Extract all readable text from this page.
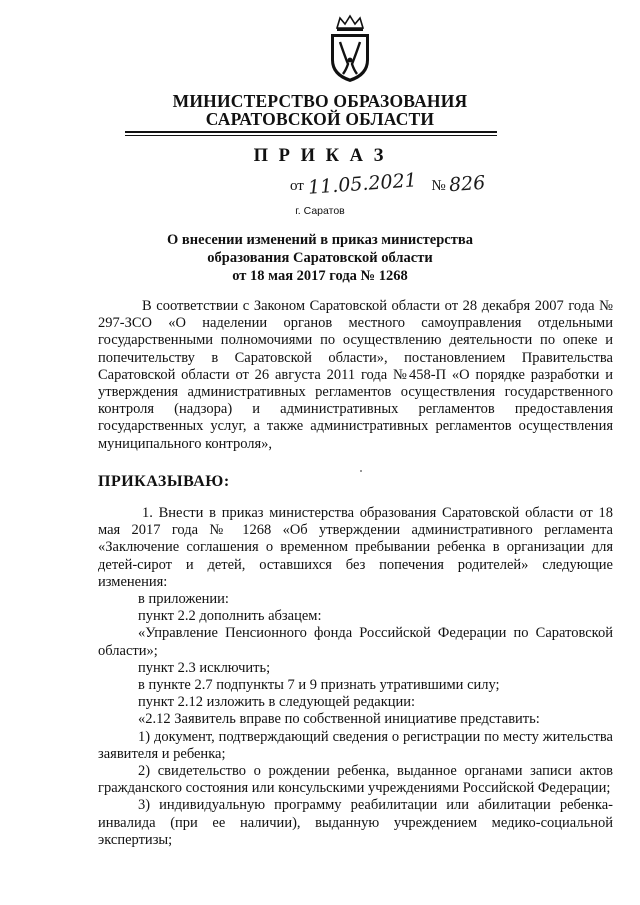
МИНИСТЕРСТВО ОБРАЗОВАНИЯ
САРАТОВСКОЙ ОБЛАСТИ
П Р И К А З
от 11.05.2021 № 826
г. Саратов
О внесении изменений в приказ министерства
образования Саратовской области
от 18 мая 2017 года № 1268

В соответствии с Законом Саратовской области от 28 декабря 2007 года № 297-ЗСО «О наделении органов местного самоуправления отдельными государственными полномочиями по осуществлению деятельности по опеке и попечительству в Саратовской области», постановлением Правительства Саратовской области от 26 августа 2011 года №458-П «О порядке разработки и утверждения административных регламентов осуществления государственного контроля (надзора) и административных регламентов предоставления государственных услуг, а также административных регламентов осуществления муниципального контроля»,

ПРИКАЗЫВАЮ:

1. Внести в приказ министерства образования Саратовской области от 18 мая 2017 года № 1268 «Об утверждении административного регламента «Заключение соглашения о временном пребывании ребенка в организации для детей-сирот и детей, оставшихся без попечения родителей» следующие изменения:

в приложении:

пункт 2.2 дополнить абзацем:

«Управление Пенсионного фонда Российской Федерации по Саратовской области»;

пункт 2.3 исключить;

в пункте 2.7 подпункты 7 и 9 признать утратившими силу;

пункт 2.12 изложить в следующей редакции:

«2.12 Заявитель вправе по собственной инициативе представить:

1) документ, подтверждающий сведения о регистрации по месту жительства заявителя и ребенка;

2) свидетельство о рождении ребенка, выданное органами записи актов гражданского состояния или консульскими учреждениями Российской Федерации;

3) индивидуальную программу реабилитации или абилитации ребенка-инвалида (при ее наличии), выданную учреждением медико-социальной экспертизы;
